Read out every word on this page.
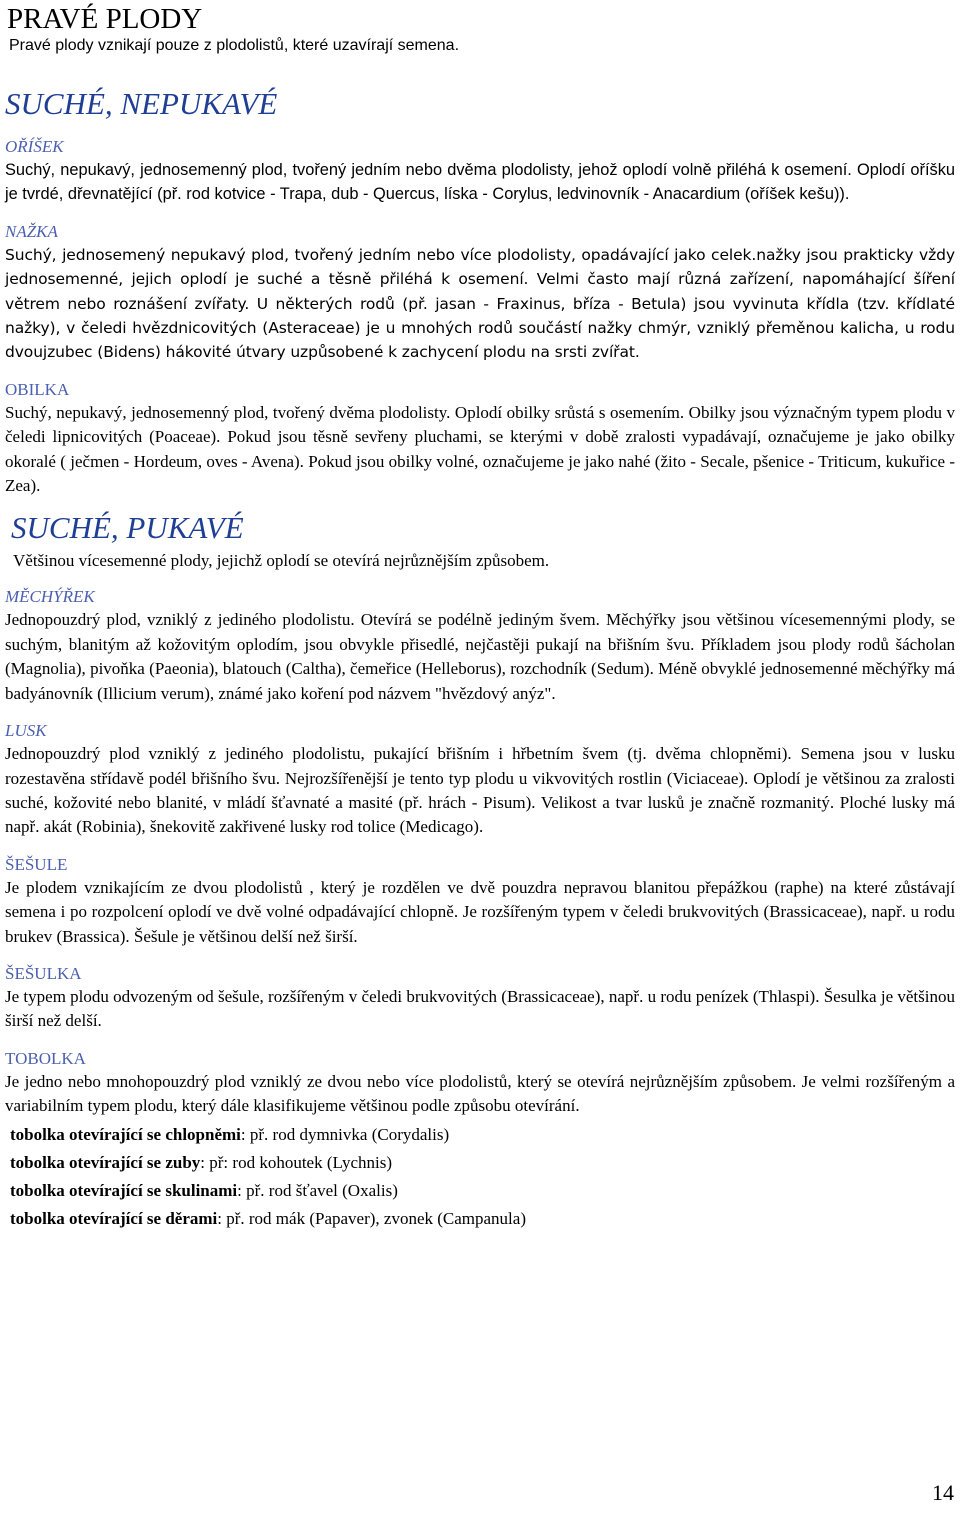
PRAVÉ PLODY
Pravé plody vznikají pouze z plodolistů, které uzavírají semena.
SUCHÉ, NEPUKAVÉ
OŘÍŠEK
Suchý, nepukavý, jednosemenný plod, tvořený jedním nebo dvěma plodolisty, jehož oplodí volně přiléhá k osemení. Oplodí oříšku je tvrdé, dřevnatějící (př. rod kotvice - Trapa, dub - Quercus, líska - Corylus, ledvinovník - Anacardium (oříšek kešu)).
NAŽKA
Suchý, jednosemený nepukavý plod, tvořený jedním nebo více plodolisty, opadávající jako celek.nažky jsou prakticky vždy jednosemenné, jejich oplodí je suché a těsně přiléhá k osemení. Velmi často mají různá zařízení, napomáhající šíření větrem nebo roznášení zvířaty. U některých rodů (př. jasan - Fraxinus, bříza - Betula) jsou vyvinuta křídla (tzv. křídlaté nažky), v čeledi hvězdnicovitých (Asteraceae) je u mnohých rodů součástí nažky chmýr, vzniklý přeměnou kalicha, u rodu dvoujzubec (Bidens) hákovité útvary uzpůsobené k zachycení plodu na srsti zvířat.
OBILKA
Suchý, nepukavý, jednosemenný plod, tvořený dvěma plodolisty. Oplodí obilky srůstá s osemením. Obilky jsou význačným typem plodu v čeledi lipnicovitých (Poaceae). Pokud jsou těsně sevřeny pluchami, se kterými v době zralosti vypadávají, označujeme je jako obilky okoralé ( ječmen - Hordeum, oves - Avena). Pokud jsou obilky volné, označujeme je jako nahé (žito - Secale, pšenice - Triticum, kukuřice - Zea).
SUCHÉ, PUKAVÉ
Většinou vícesemenné plody, jejichž oplodí se otevírá nejrůznějším způsobem.
MĚCHÝŘEK
Jednopouzdrý plod, vzniklý z jediného plodolistu. Otevírá se podélně jediným švem. Měchýřky jsou většinou vícesemennými plody, se suchým, blanitým až kožovitým oplodím, jsou obvykle přisedlé, nejčastěji pukají na břišním švu. Příkladem jsou plody rodů šácholan (Magnolia), pivoňka (Paeonia), blatouch (Caltha), čemeřice (Helleborus), rozchodník (Sedum). Méně obvyklé jednosemenné měchýřky má badyánovník (Illicium verum), známé jako koření pod názvem "hvězdový anýz".
LUSK
Jednopouzdrý plod vzniklý z jediného plodolistu, pukající břišním i hřbetním švem (tj. dvěma chlopněmi). Semena jsou v lusku rozestavěna střídavě podél břišního švu. Nejrozšířenější je tento typ plodu u vikvovitých rostlin (Viciaceae). Oplodí je většinou za zralosti suché, kožovité nebo blanité, v mládí šťavnaté a masité (př. hrách - Pisum). Velikost a tvar lusků je značně rozmanitý. Ploché lusky má např. akát (Robinia), šnekovitě zakřivené lusky rod tolice (Medicago).
ŠEŠULE
Je plodem vznikajícím ze dvou plodolistů , který je rozdělen ve dvě pouzdra nepravou blanitou přepážkou (raphe) na které zůstávají semena i po rozpolcení oplodí ve dvě volné odpadávající chlopně. Je rozšířeným typem v čeledi brukvovitých (Brassicaceae), např. u rodu brukev (Brassica). Šešule je většinou delší než širší.
ŠEŠULKA
Je typem plodu odvozeným od šešule, rozšířeným v čeledi brukvovitých (Brassicaceae), např. u rodu penízek (Thlaspi). Šesulka je většinou širší než delší.
TOBOLKA
Je jedno nebo mnohopouzdrý plod vzniklý ze dvou nebo více plodolistů, který se otevírá nejrůznějším způsobem. Je velmi rozšířeným a variabilním typem plodu, který dále klasifikujeme většinou podle způsobu otevírání.
tobolka otevírající se chlopněmi: př. rod dymnivka (Corydalis)
tobolka otevírající se zuby: př: rod kohoutek (Lychnis)
tobolka otevírající se skulinami: př. rod šťavel (Oxalis)
tobolka otevírající se děrami: př. rod mák (Papaver), zvonek (Campanula)
14
